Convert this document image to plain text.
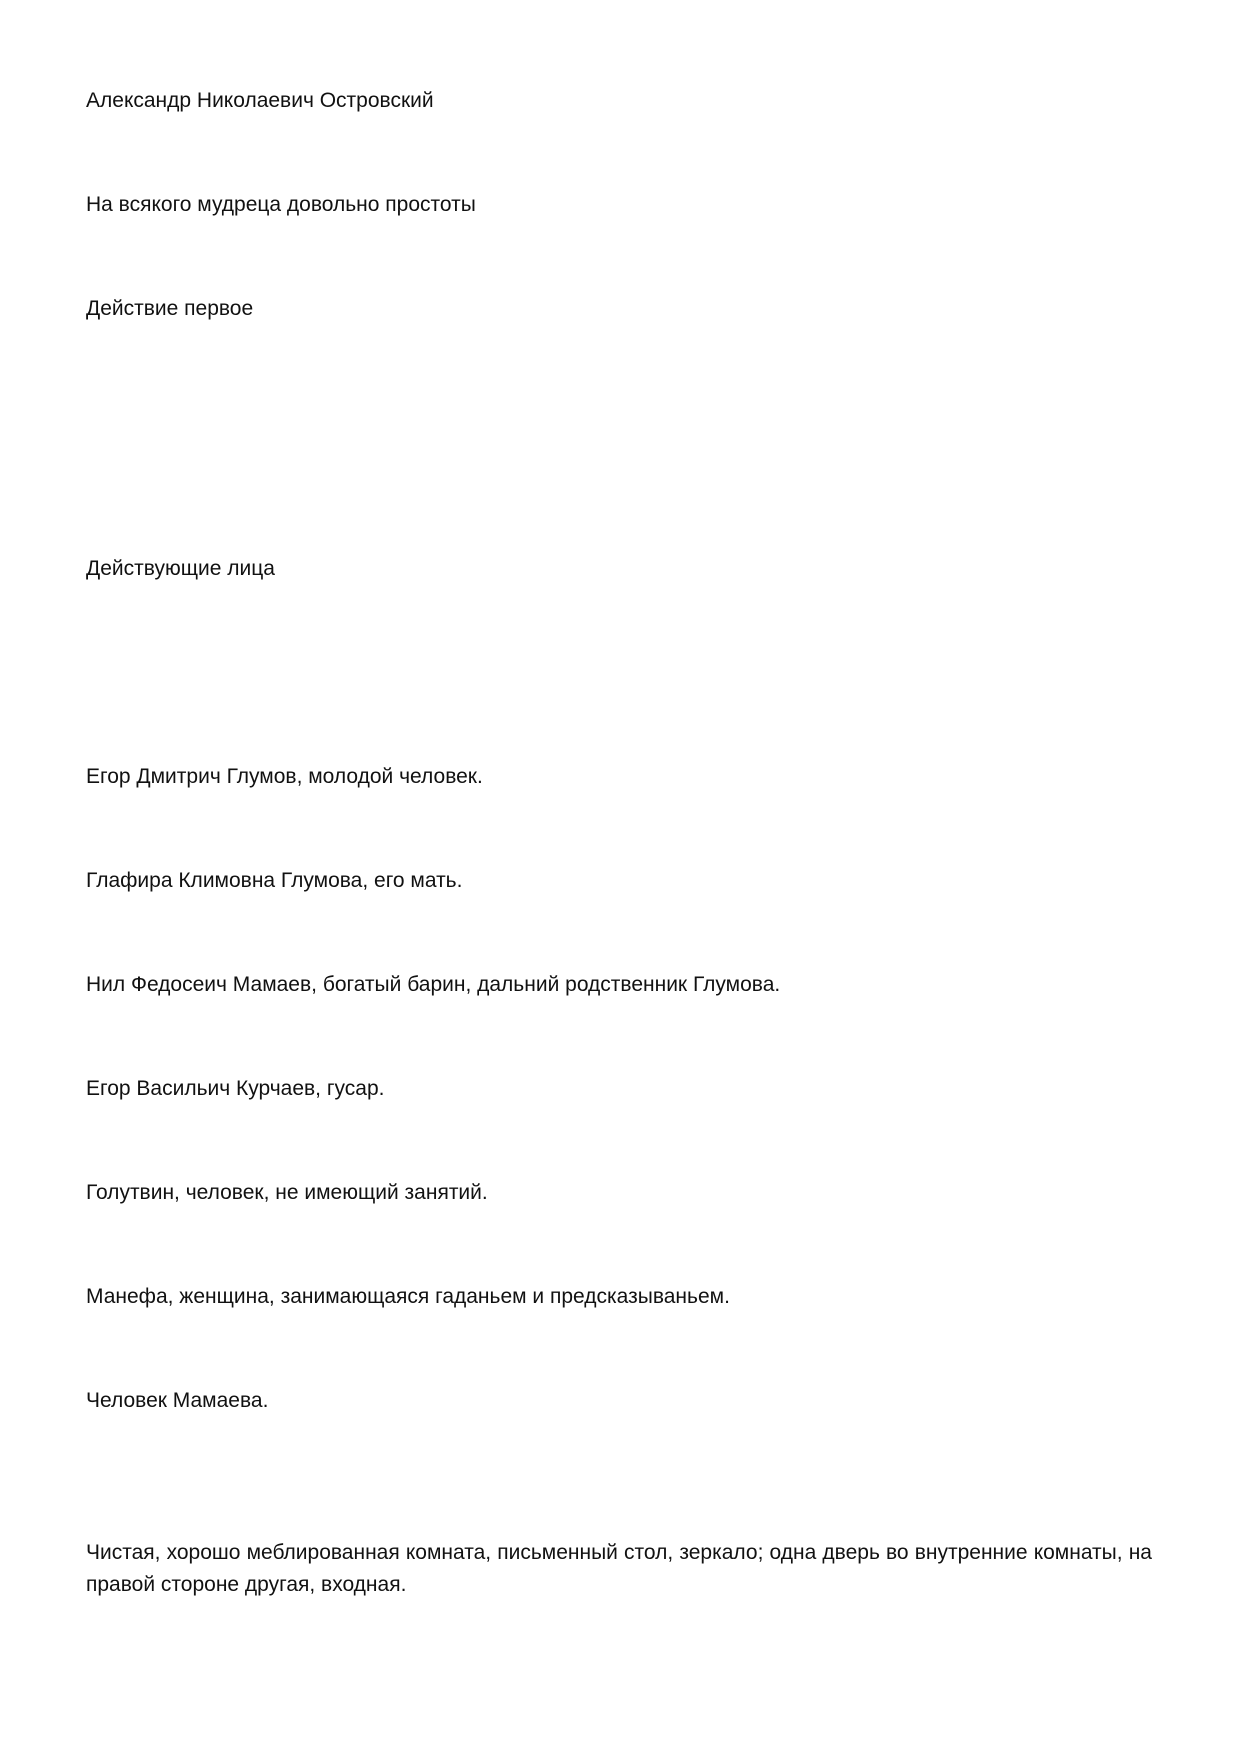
Александр Николаевич Островский

На всякого мудреца довольно простоты

Действие первое

Действующие лица

Егор Дмитрич Глумов, молодой человек.

Глафира Климовна Глумова, его мать.

Нил Федосеич Мамаев, богатый барин, дальний родственник Глумова.

Егор Васильич Курчаев, гусар.

Голутвин, человек, не имеющий занятий.

Манефа, женщина, занимающаяся гаданьем и предсказываньем.

Человек Мамаева.

Чистая, хорошо меблированная комната, письменный стол, зеркало; одна дверь во внутренние комнаты, на правой стороне другая, входная.
